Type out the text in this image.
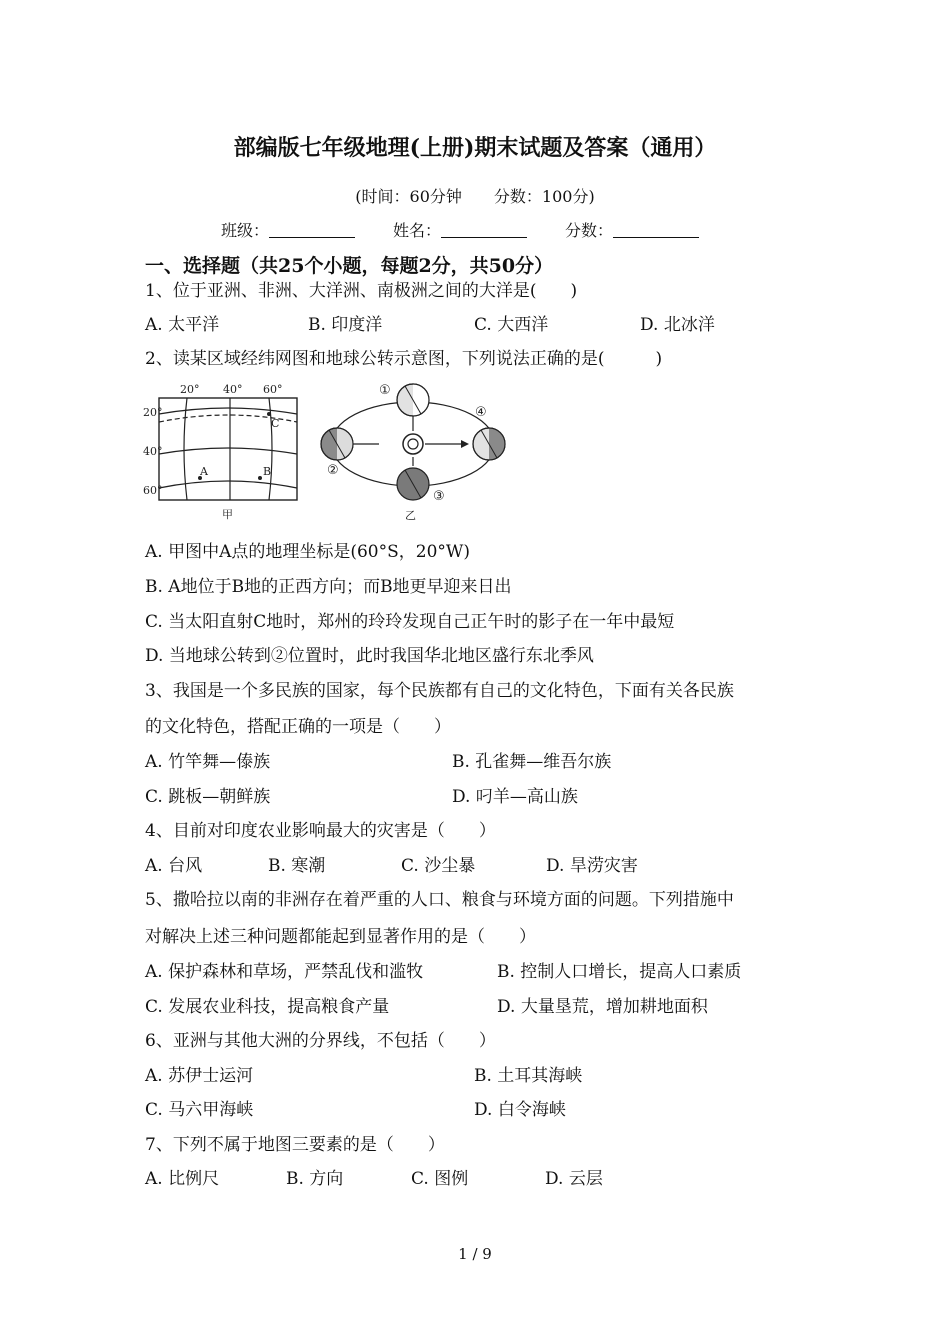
部编版七年级地理(上册)期末试题及答案（通用）
(时间：60分钟 分数：100分)
班级：	姓名：	分数：
一、选择题（共25个小题，每题2分，共50分）
1、位于亚洲、非洲、大洋洲、南极洲之间的大洋是(　　)
A. 太平洋	B. 印度洋	C. 大西洋	D. 北冰洋
2、读某区域经纬网图和地球公转示意图，下列说法正确的是(　　　)
20° 40° 60°
20°
40°
60°
A	B
C
甲
①
②
③
④
乙
A. 甲图中A点的地理坐标是(60°S，20°W)
B. A地位于B地的正西方向；而B地更早迎来日出
C. 当太阳直射C地时，郑州的玲玲发现自己正午时的影子在一年中最短
D. 当地球公转到②位置时，此时我国华北地区盛行东北季风
3、我国是一个多民族的国家，每个民族都有自己的文化特色，下面有关各民族
的文化特色，搭配正确的一项是（　　）
A. 竹竿舞—傣族	B. 孔雀舞—维吾尔族
C. 跳板—朝鲜族	D. 叼羊—高山族
4、目前对印度农业影响最大的灾害是（　　）
A. 台风	B. 寒潮	C. 沙尘暴	D. 旱涝灾害
5、撒哈拉以南的非洲存在着严重的人口、粮食与环境方面的问题。下列措施中
对解决上述三种问题都能起到显著作用的是（　　）
A. 保护森林和草场，严禁乱伐和滥牧	B. 控制人口增长，提高人口素质
C. 发展农业科技，提高粮食产量	D. 大量垦荒，增加耕地面积
6、亚洲与其他大洲的分界线，不包括（　　）
A. 苏伊士运河	B. 土耳其海峡
C. 马六甲海峡	D. 白令海峡
7、下列不属于地图三要素的是（　　）
A. 比例尺	B. 方向	C. 图例	D. 云层
1 / 9
